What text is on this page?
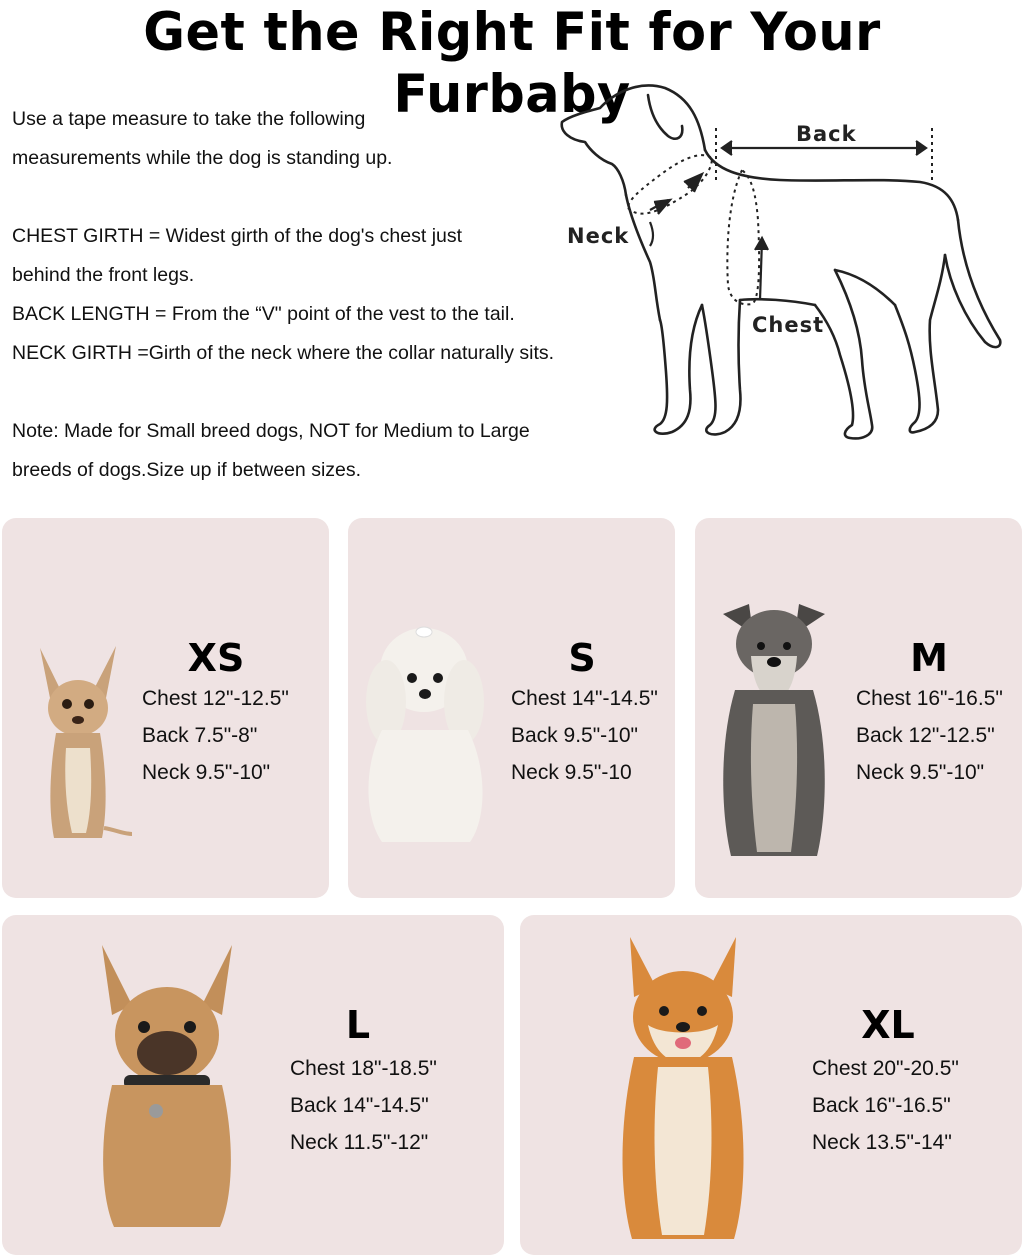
Get the Right Fit for Your Furbaby

Use a tape measure to take the following

measurements while the dog is standing up.

CHEST GIRTH = Widest girth of the dog's chest just

behind the front legs.

BACK LENGTH = From the “V" point of the vest to the tail.

NECK GIRTH =Girth of the neck where the collar naturally sits.

Note: Made for Small breed dogs, NOT for Medium to Large

breeds of dogs.Size up if between sizes.

Back
Neck
Chest
XS
Chest 12"-12.5"
Back 7.5"-8"
Neck 9.5"-10"
S
Chest 14"-14.5"
Back 9.5"-10"
Neck 9.5"-10
M
Chest 16"-16.5"
Back 12"-12.5"
Neck 9.5"-10"
L
Chest 18"-18.5"
Back 14"-14.5"
Neck 11.5"-12"
XL
Chest 20"-20.5"
Back 16"-16.5"
Neck 13.5"-14"
